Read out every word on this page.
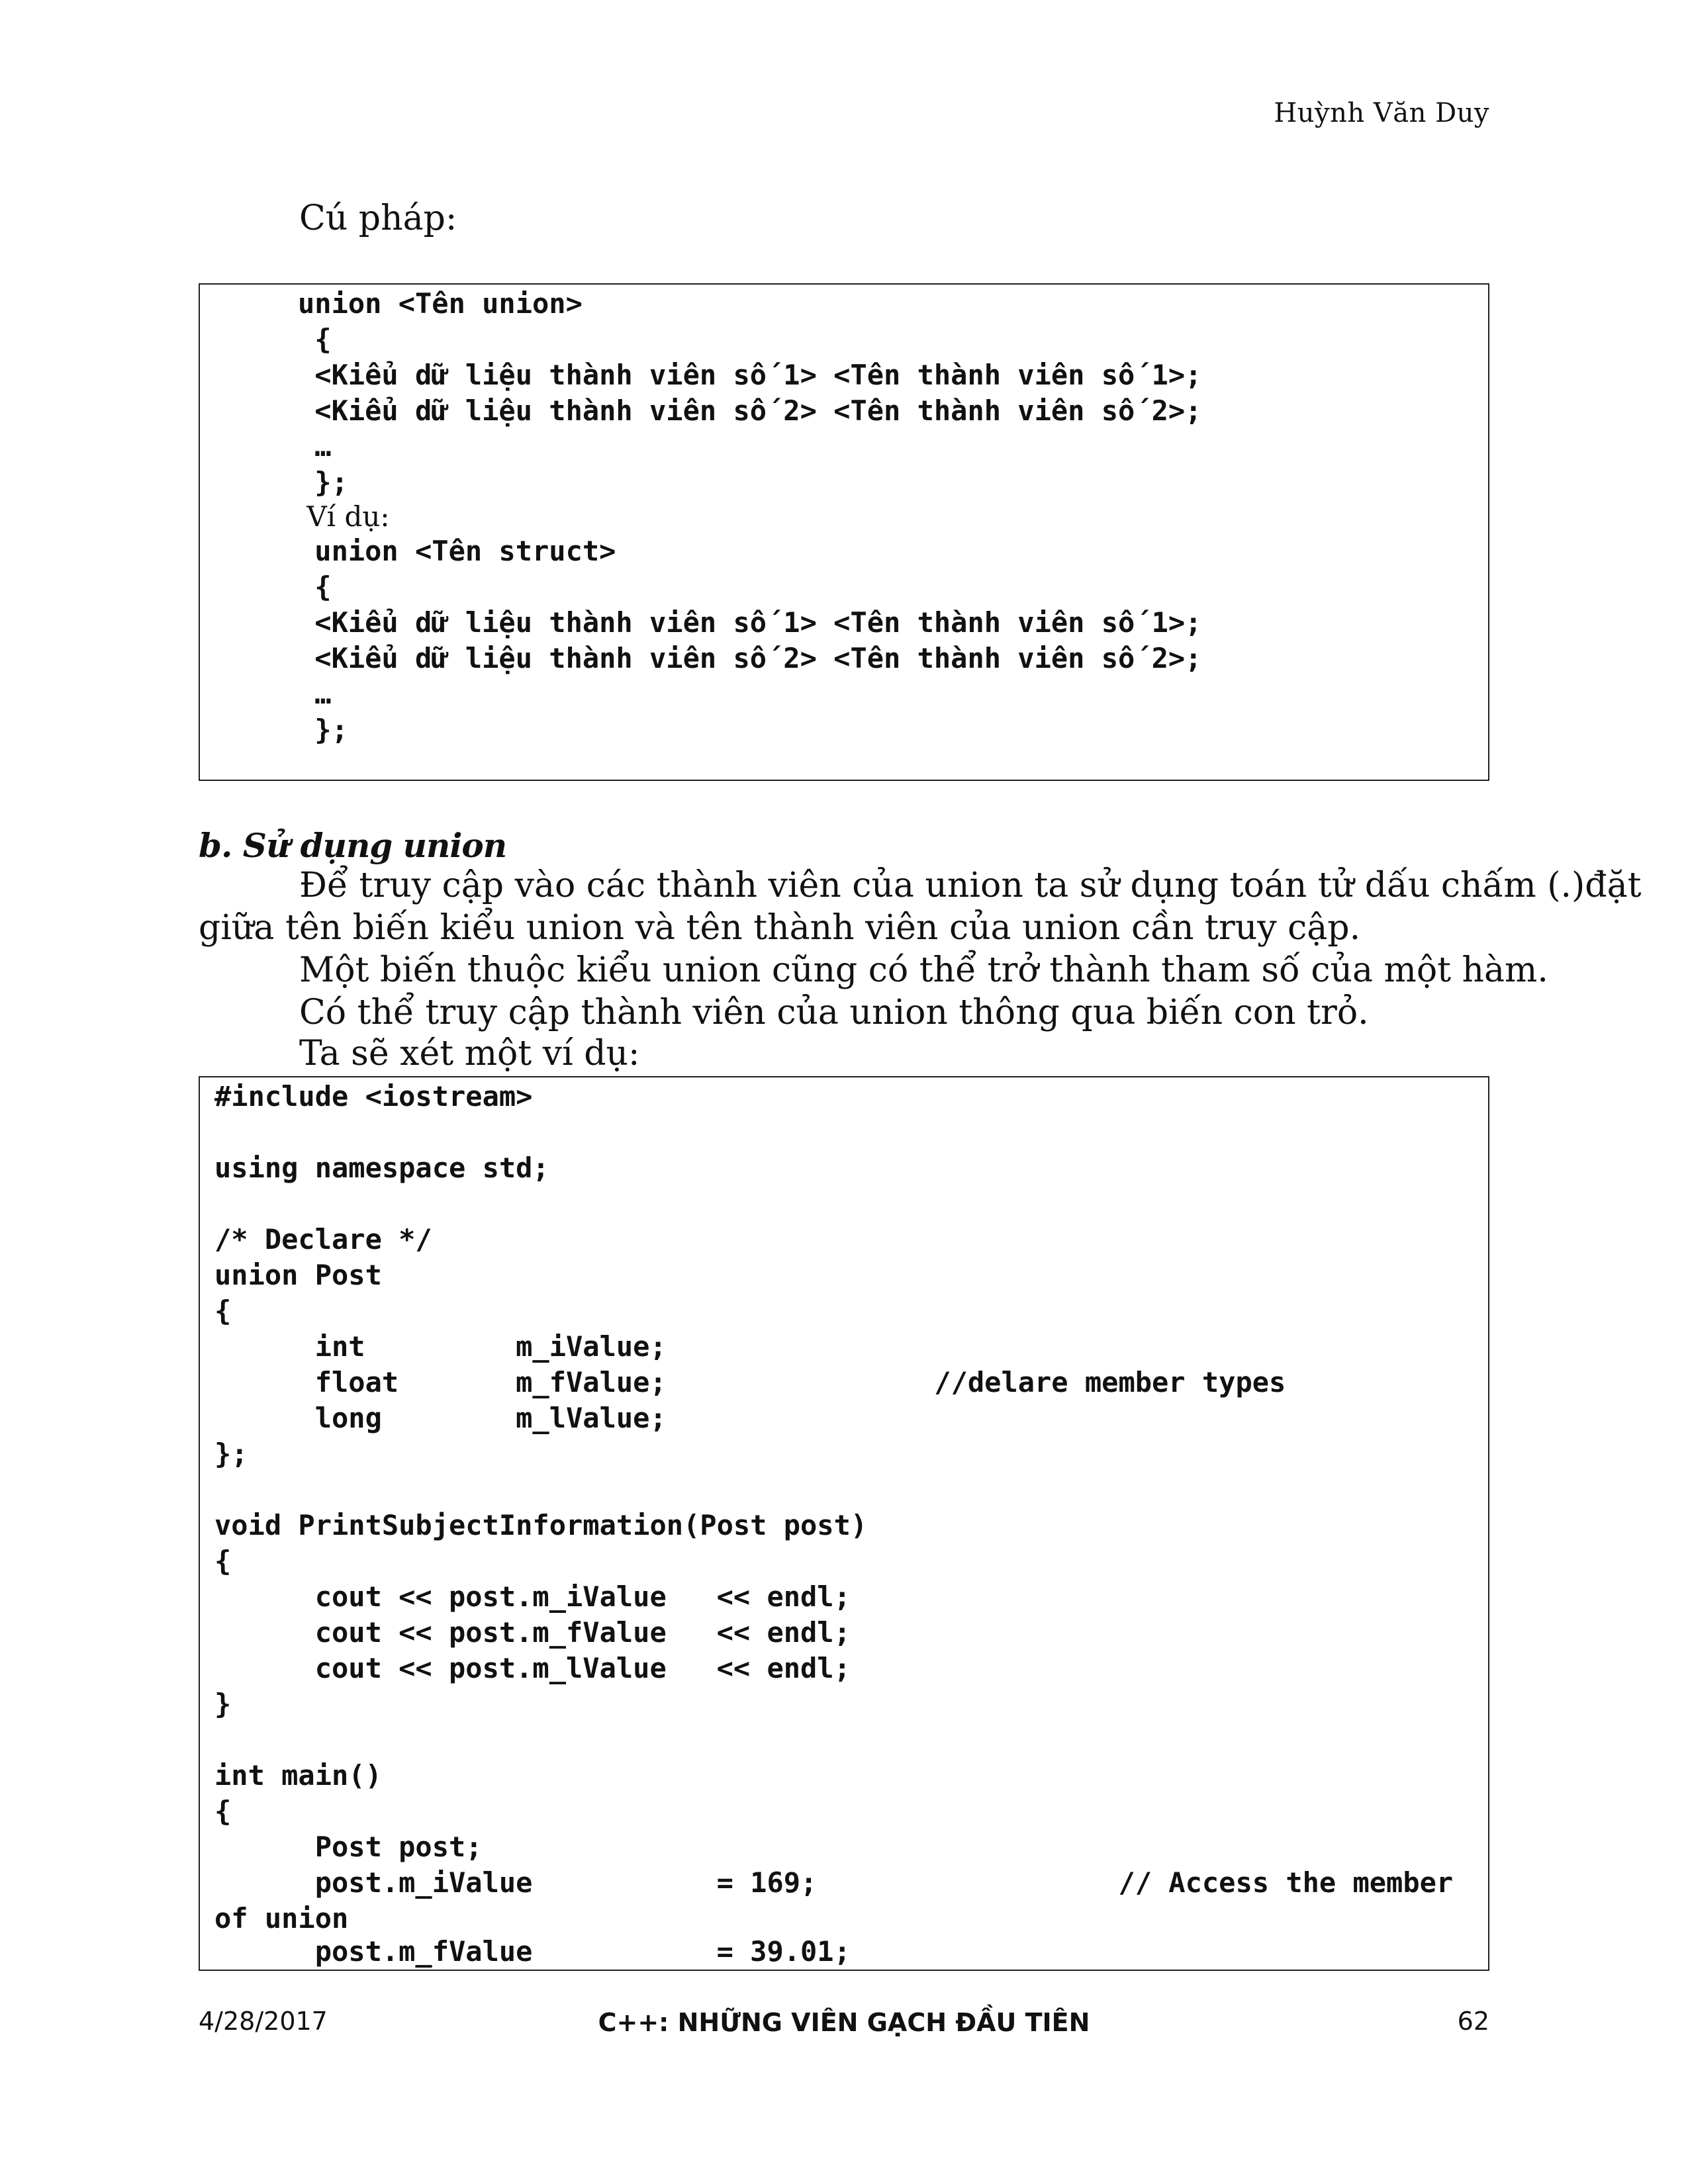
Huỳnh Văn Duy
Cú pháp:
union <Tên union>
{
<Kiểu dữ liệu thành viên số 1> <Tên thành viên số 1>;
<Kiểu dữ liệu thành viên số 2> <Tên thành viên số 2>;
…
};
Ví dụ:
union <Tên struct>
{
<Kiểu dữ liệu thành viên số 1> <Tên thành viên số 1>;
<Kiểu dữ liệu thành viên số 2> <Tên thành viên số 2>;
…
};
b. Sử dụng union
Để truy cập vào các thành viên của union ta sử dụng toán tử dấu chấm (.)đặt
giữa tên biến kiểu union và tên thành viên của union cần truy cập.
Một biến thuộc kiểu union cũng có thể trở thành tham số của một hàm.
Có thể truy cập thành viên của union thông qua biến con trỏ.
Ta sẽ xét một ví dụ:
#include <iostream>
using namespace std;
/* Declare */
union Post
{
int         m_iValue;
float       m_fValue;                //delare member types
long        m_lValue;
};
void PrintSubjectInformation(Post post)
{
cout << post.m_iValue   << endl;
cout << post.m_fValue   << endl;
cout << post.m_lValue   << endl;
}
int main()
{
Post post;
post.m_iValue           = 169;                  // Access the member
of union
post.m_fValue           = 39.01;
4/28/2017	C++: NHỮNG VIÊN GẠCH ĐẦU TIÊN	62
